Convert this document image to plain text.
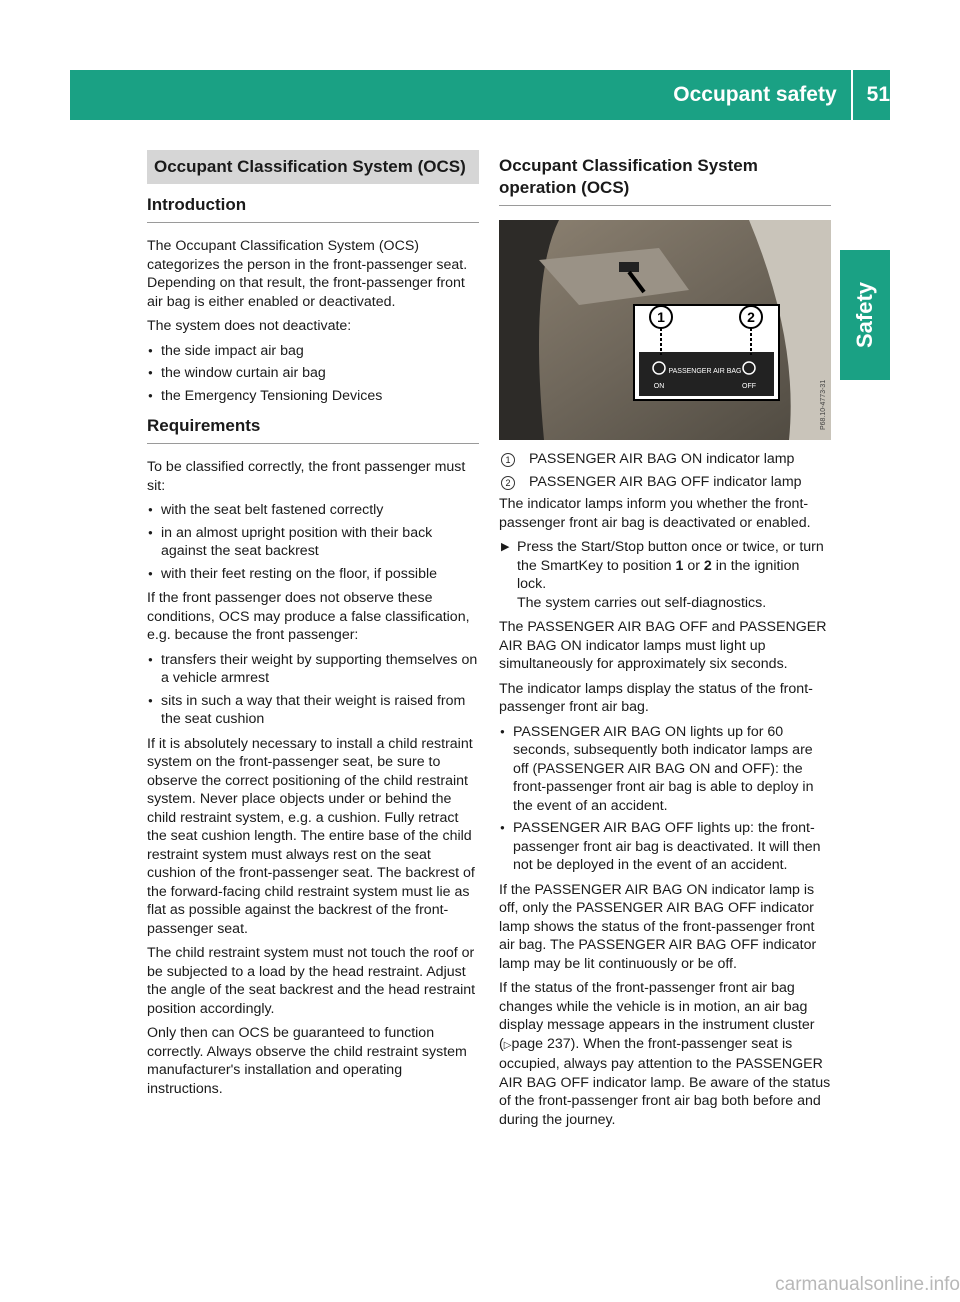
Occupant safety 51
Safety
Occupant Classification System (OCS)
Introduction

The Occupant Classification System (OCS) categorizes the person in the front-passenger seat. Depending on that result, the front-passenger front air bag is either enabled or deactivated.

The system does not deactivate:

● the side impact air bag
● the window curtain air bag
● the Emergency Tensioning Devices
Requirements

To be classified correctly, the front passenger must sit:

● with the seat belt fastened correctly
● in an almost upright position with their back against the seat backrest
● with their feet resting on the floor, if possible

If the front passenger does not observe these conditions, OCS may produce a false classification, e.g. because the front passenger:

● transfers their weight by supporting themselves on a vehicle armrest
● sits in such a way that their weight is raised from the seat cushion

If it is absolutely necessary to install a child restraint system on the front-passenger seat, be sure to observe the correct positioning of the child restraint system. Never place objects under or behind the child restraint system, e.g. a cushion. Fully retract the seat cushion length. The entire base of the child restraint system must always rest on the seat cushion of the front-passenger seat. The backrest of the forward-facing child restraint system must lie as flat as possible against the backrest of the front-passenger seat.

The child restraint system must not touch the roof or be subjected to a load by the head restraint. Adjust the angle of the seat backrest and the head restraint position accordingly.

Only then can OCS be guaranteed to function correctly. Always observe the child restraint system manufacturer's installation and operating instructions.

Occupant Classification System operation (OCS)
1	2
PASSENGER AIR BAG
ON	OFF	P68.10-4773-31
1	PASSENGER AIR BAG ON indicator lamp
2	PASSENGER AIR BAG OFF indicator lamp

The indicator lamps inform you whether the front-passenger front air bag is deactivated or enabled.

▶ Press the Start/Stop button once or twice, or turn the SmartKey to position 1 or 2 in the ignition lock.
The system carries out self-diagnostics.

The PASSENGER AIR BAG OFF and PASSENGER AIR BAG ON indicator lamps must light up simultaneously for approximately six seconds.

The indicator lamps display the status of the front-passenger front air bag.

● PASSENGER AIR BAG ON lights up for 60 seconds, subsequently both indicator lamps are off (PASSENGER AIR BAG ON and OFF): the front-passenger front air bag is able to deploy in the event of an accident.
● PASSENGER AIR BAG OFF lights up: the front-passenger front air bag is deactivated. It will then not be deployed in the event of an accident.

If the PASSENGER AIR BAG ON indicator lamp is off, only the PASSENGER AIR BAG OFF indicator lamp shows the status of the front-passenger front air bag. The PASSENGER AIR BAG OFF indicator lamp may be lit continuously or be off.

If the status of the front-passenger front air bag changes while the vehicle is in motion, an air bag display message appears in the instrument cluster (▷page 237). When the front-passenger seat is occupied, always pay attention to the PASSENGER AIR BAG OFF indicator lamp. Be aware of the status of the front-passenger front air bag both before and during the journey.

carmanualsonline.info
